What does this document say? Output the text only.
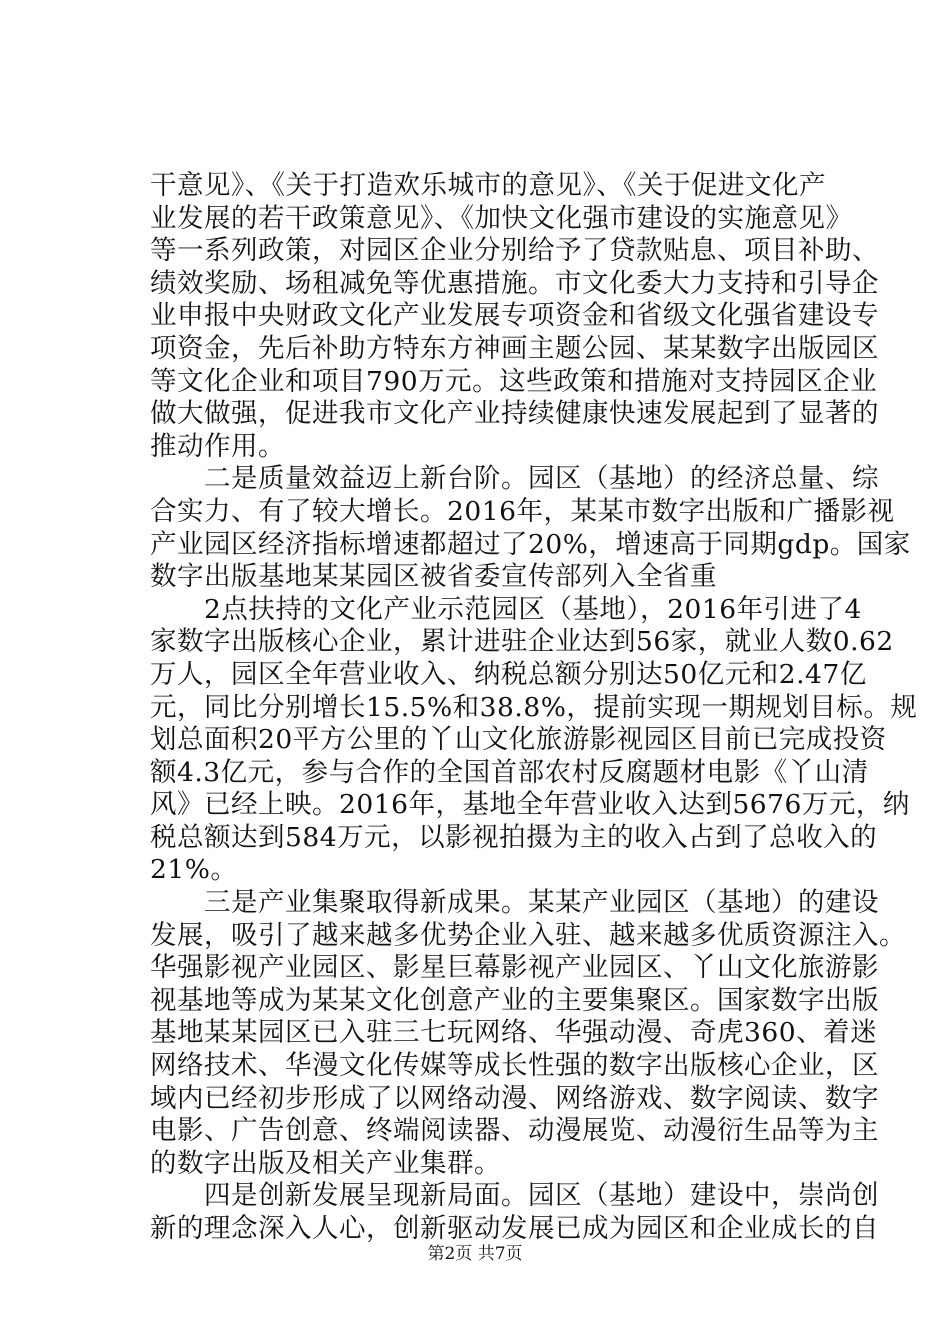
干意见》、《关于打造欢乐城市的意见》、《关于促进文化产
业发展的若干政策意见》、《加快文化强市建设的实施意见》
等一系列政策，对园区企业分别给予了贷款贴息、项目补助、
绩效奖励、场租减免等优惠措施。市文化委大力支持和引导企
业申报中央财政文化产业发展专项资金和省级文化强省建设专
项资金，先后补助方特东方神画主题公园、某某数字出版园区
等文化企业和项目790万元。这些政策和措施对支持园区企业
做大做强，促进我市文化产业持续健康快速发展起到了显著的
推动作用。
　　二是质量效益迈上新台阶。园区（基地）的经济总量、综
合实力、有了较大增长。2016年，某某市数字出版和广播影视
产业园区经济指标增速都超过了20%，增速高于同期gdp。国家
数字出版基地某某园区被省委宣传部列入全省重
　　2点扶持的文化产业示范园区（基地），2016年引进了4
家数字出版核心企业，累计进驻企业达到56家，就业人数0.62
万人，园区全年营业收入、纳税总额分别达50亿元和2.47亿
元，同比分别增长15.5%和38.8%，提前实现一期规划目标。规
划总面积20平方公里的丫山文化旅游影视园区目前已完成投资
额4.3亿元，参与合作的全国首部农村反腐题材电影《丫山清
风》已经上映。2016年，基地全年营业收入达到5676万元，纳
税总额达到584万元，以影视拍摄为主的收入占到了总收入的
21%。
　　三是产业集聚取得新成果。某某产业园区（基地）的建设
发展，吸引了越来越多优势企业入驻、越来越多优质资源注入。
华强影视产业园区、影星巨幕影视产业园区、丫山文化旅游影
视基地等成为某某文化创意产业的主要集聚区。国家数字出版
基地某某园区已入驻三七玩网络、华强动漫、奇虎360、着迷
网络技术、华漫文化传媒等成长性强的数字出版核心企业，区
域内已经初步形成了以网络动漫、网络游戏、数字阅读、数字
电影、广告创意、终端阅读器、动漫展览、动漫衍生品等为主
的数字出版及相关产业集群。
　　四是创新发展呈现新局面。园区（基地）建设中，崇尚创
新的理念深入人心，创新驱动发展已成为园区和企业成长的自
第2页 共7页
